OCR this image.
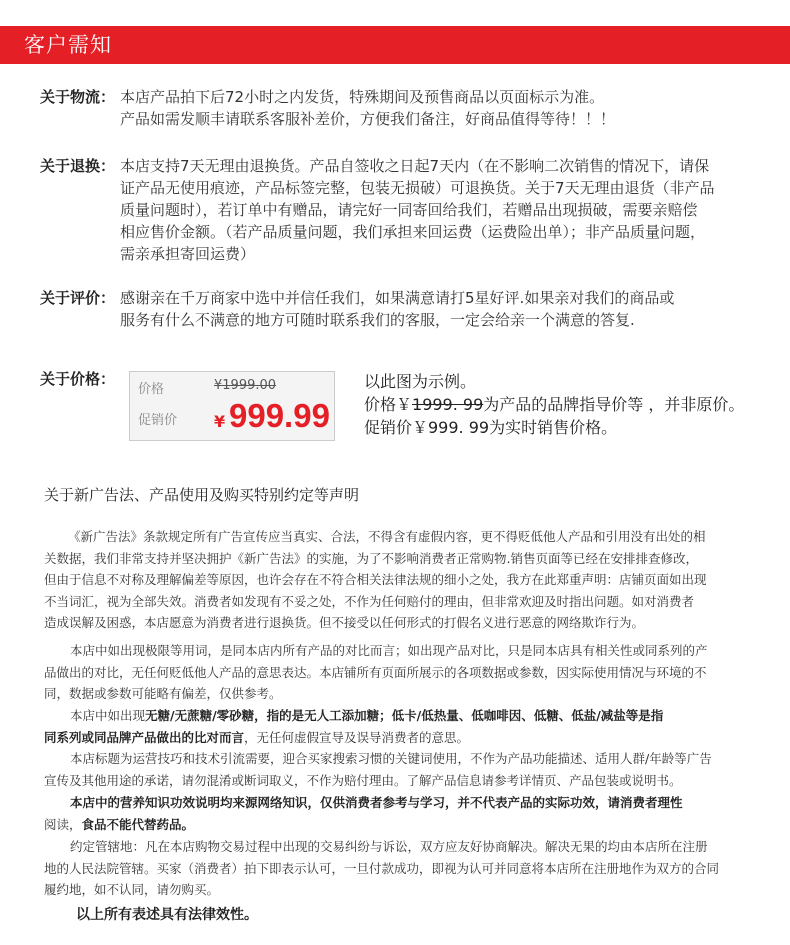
客户需知
关于物流： 本店产品拍下后72小时之内发货，特殊期间及预售商品以页面标示为准。
产品如需发顺丰请联系客服补差价，方便我们备注，好商品值得等待！！！
关于退换： 本店支持7天无理由退换货。产品自签收之日起7天内（在不影响二次销售的情况下，请保
证产品无使用痕迹，产品标签完整，包装无损破）可退换货。关于7天无理由退货（非产品
质量问题时），若订单中有赠品，请完好一同寄回给我们，若赠品出现损破，需要亲赔偿
相应售价金额。（若产品质量问题，我们承担来回运费（运费险出单）；非产品质量问题，
需亲承担寄回运费）
关于评价： 感谢亲在千万商家中选中并信任我们，如果满意请打5星好评.如果亲对我们的商品或
服务有什么不满意的地方可随时联系我们的客服，一定会给亲一个满意的答复.
关于价格：
价格	¥1999.00
促销价 ¥ 999.99
以此图为示例。
价格￥1999. 99为产品的品牌指导价等 ，并非原价。
促销价￥999. 99为实时销售价格。
关于新广告法、产品使用及购买特别约定等声明
《新广告法》条款规定所有广告宣传应当真实、合法，不得含有虚假内容，更不得贬低他人产品和引用没有出处的相
关数据，我们非常支持并坚决拥护《新广告法》的实施，为了不影响消费者正常购物.销售页面等已经在安排排查修改，
但由于信息不对称及理解偏差等原因，也许会存在不符合相关法律法规的细小之处，我方在此郑重声明：店铺页面如出现
不当词汇，视为全部失效。消费者如发现有不妥之处，不作为任何赔付的理由，但非常欢迎及时指出问题。如对消费者
造成误解及困惑，本店愿意为消费者进行退换货。但不接受以任何形式的打假名义进行恶意的网络欺诈行为。
本店中如出现极限等用词，是同本店内所有产品的对比而言；如出现产品对比，只是同本店具有相关性或同系列的产
品做出的对比，无任何贬低他人产品的意思表达。本店铺所有页面所展示的各项数据或参数，因实际使用情况与环境的不
同，数据或参数可能略有偏差，仅供参考。
本店中如出现无糖/无蔗糖/零砂糖，指的是无人工添加糖；低卡/低热量、低咖啡因、低糖、低盐/减盐等是指
同系列或同品牌产品做出的比对而言，无任何虚假宣导及误导消费者的意思。
本店标题为运营技巧和技术引流需要，迎合买家搜索习惯的关键词使用，不作为产品功能描述、适用人群/年龄等广告
宣传及其他用途的承诺，请勿混淆或断词取义，不作为赔付理由。了解产品信息请参考详情页、产品包装或说明书。
本店中的营养知识功效说明均来源网络知识，仅供消费者参考与学习，并不代表产品的实际功效，请消费者理性
阅读，食品不能代替药品。
约定管辖地：凡在本店购物交易过程中出现的交易纠纷与诉讼，双方应友好协商解决。解决无果的均由本店所在注册
地的人民法院管辖。买家（消费者）拍下即表示认可，一旦付款成功，即视为认可并同意将本店所在注册地作为双方的合同
履约地，如不认同，请勿购买。
以上所有表述具有法律效性。
